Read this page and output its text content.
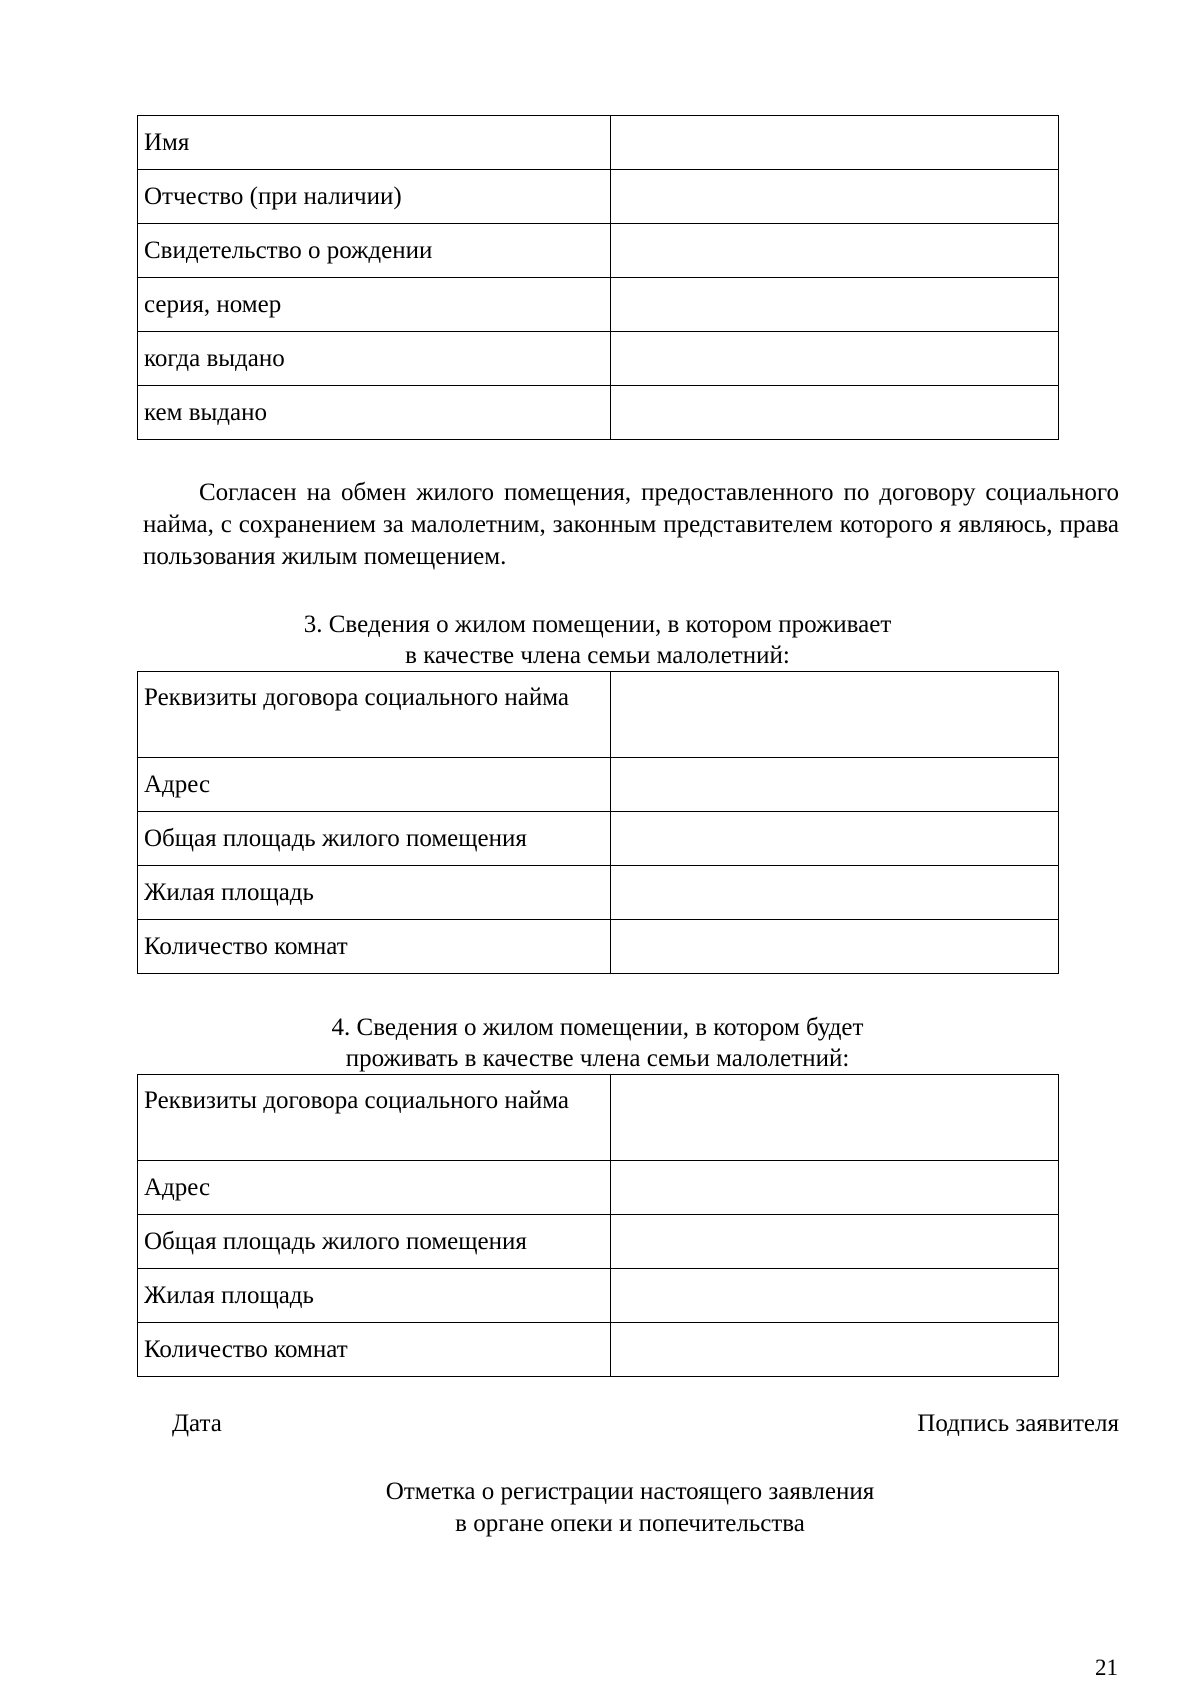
Имя	
Отчество (при наличии)	
Свидетельство о рождении	
серия, номер	
когда выдано	
кем выдано	

Согласен на обмен жилого помещения, предоставленного по договору социального найма, с сохранением за малолетним, законным представителем которого я являюсь, права пользования жилым помещением.

3. Сведения о жилом помещении, в котором проживает
в качестве члена семьи малолетний:
Реквизиты договора социального найма	
Адрес	
Общая площадь жилого помещения	
Жилая площадь	
Количество комнат	
4. Сведения о жилом помещении, в котором будет
проживать в качестве члена семьи малолетний:
Реквизиты договора социального найма	
Адрес	
Общая площадь жилого помещения	
Жилая площадь	
Количество комнат	
Дата	Подпись заявителя
Отметка о регистрации настоящего заявления
в органе опеки и попечительства
21
